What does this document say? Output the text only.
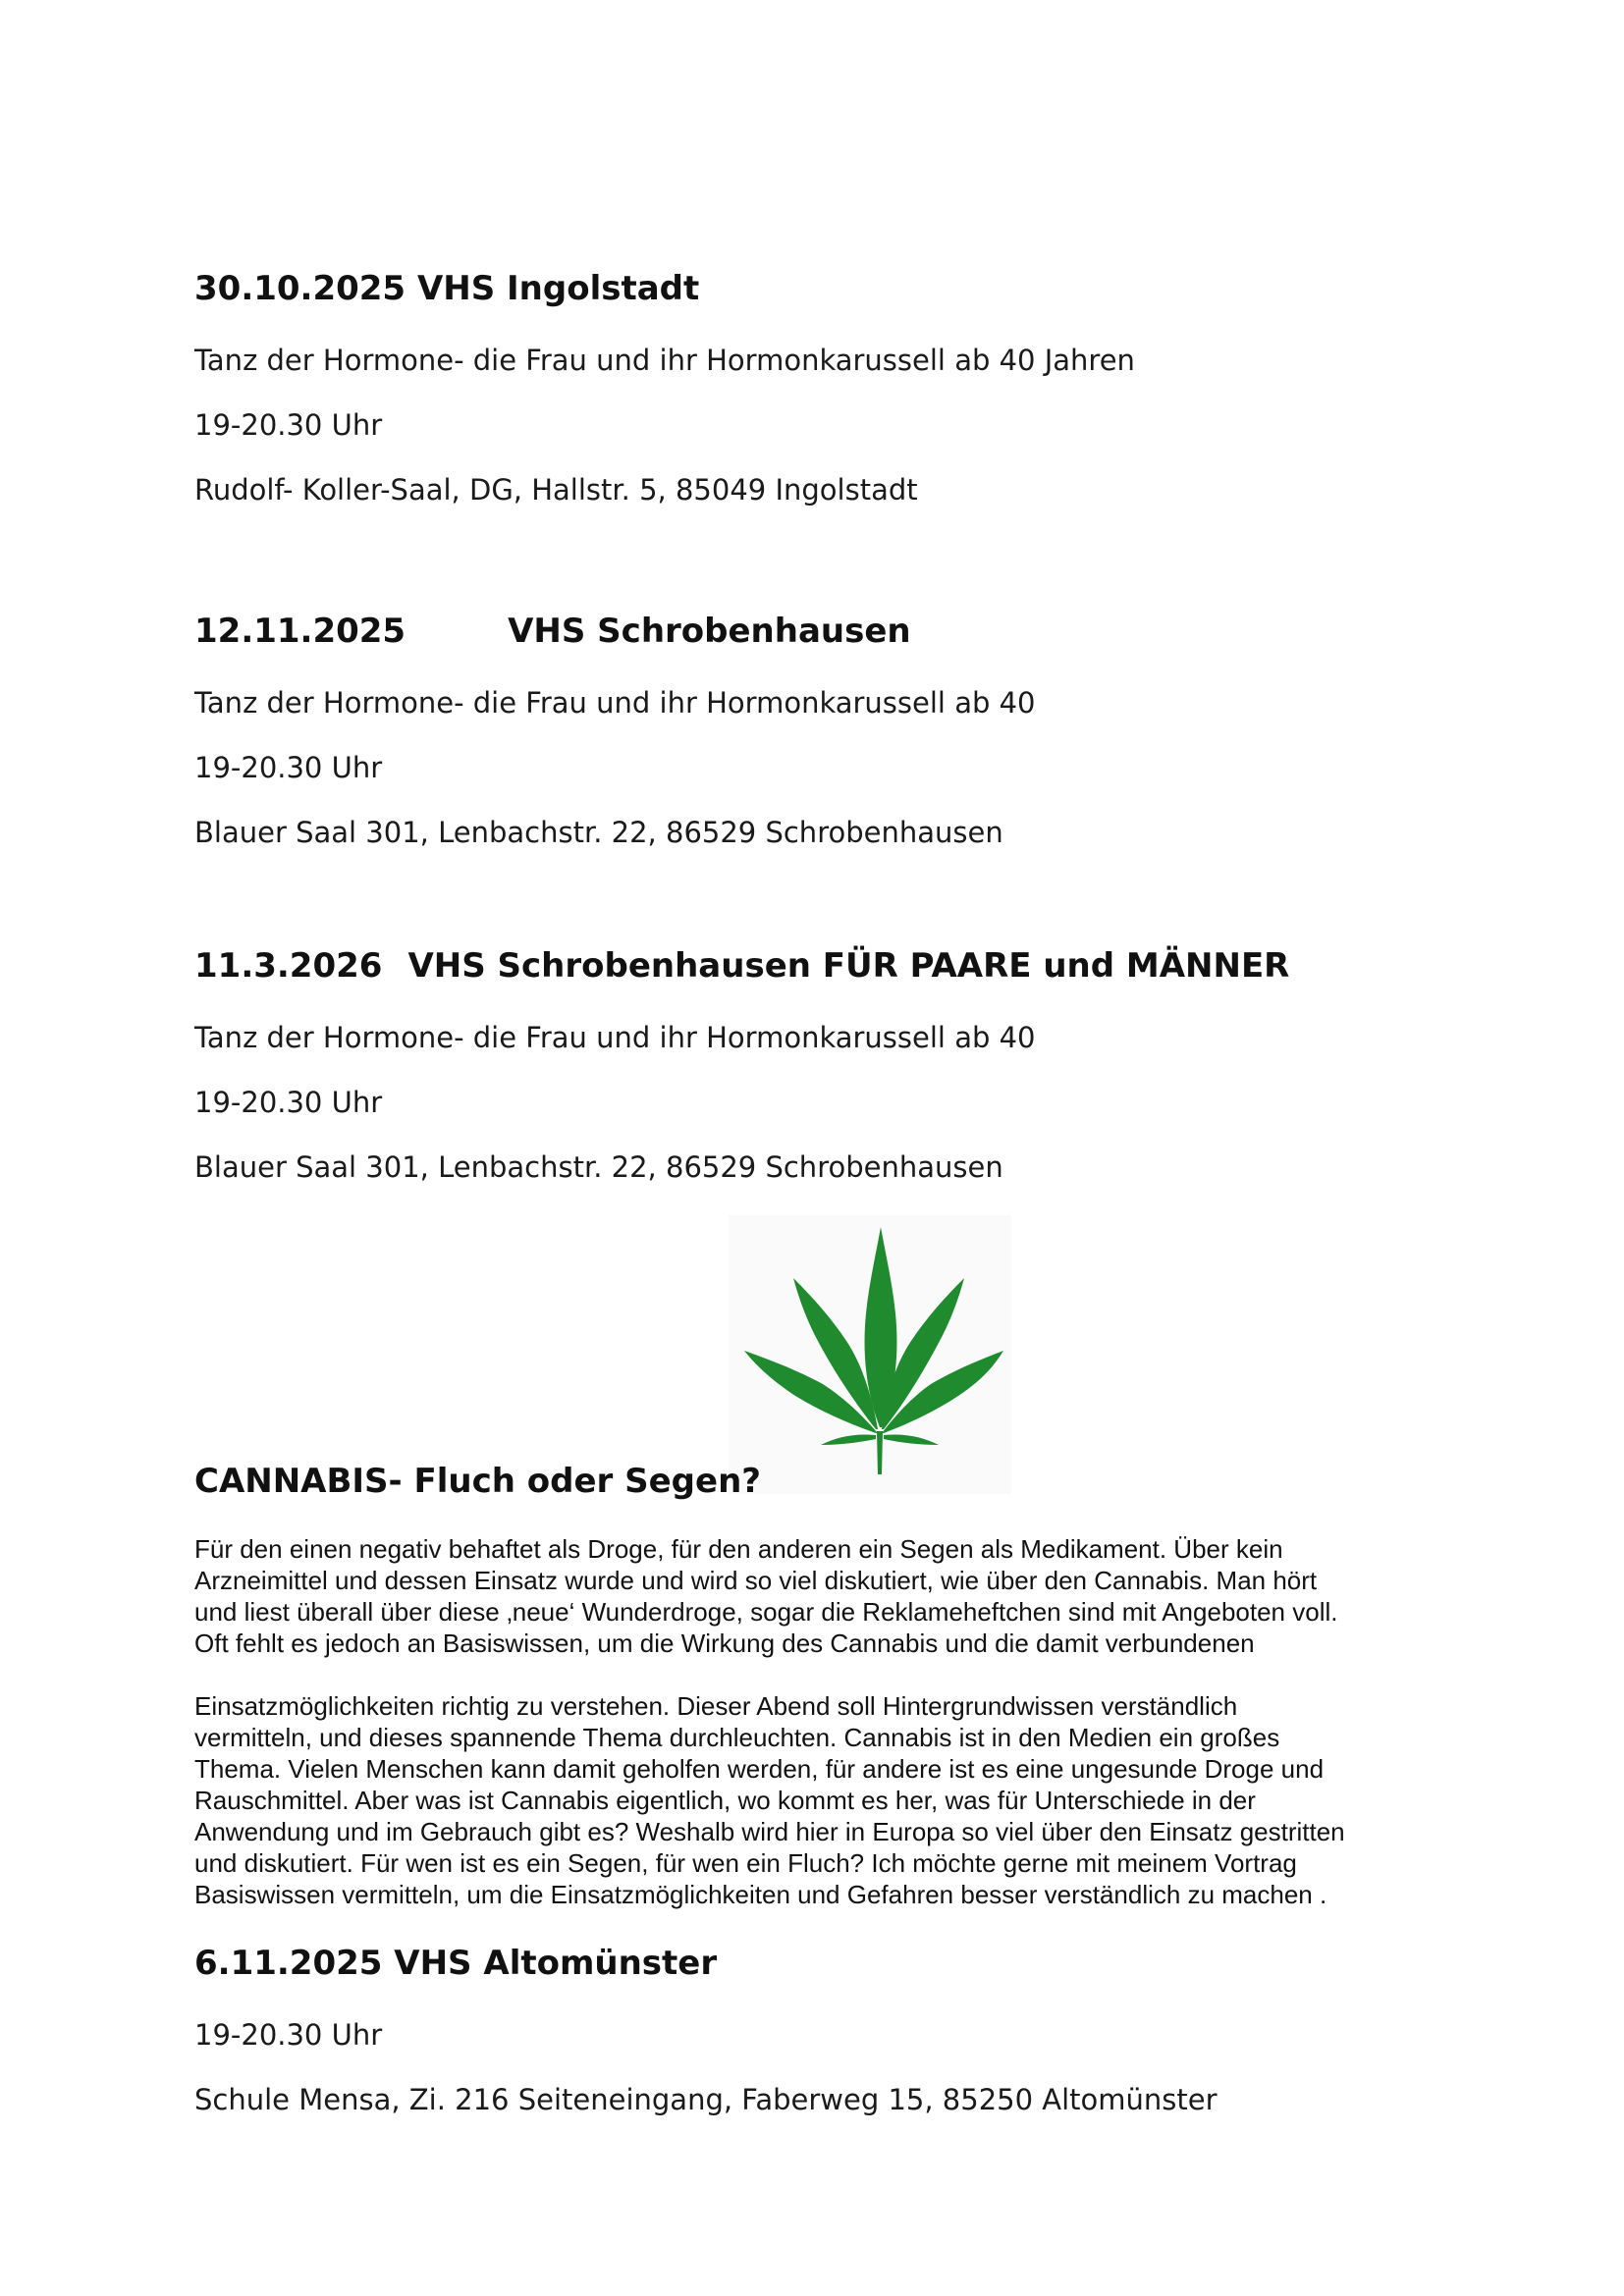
30.10.2025 VHS Ingolstadt
Tanz der Hormone- die Frau und ihr Hormonkarussell ab 40 Jahren
19-20.30 Uhr
Rudolf- Koller-Saal, DG, Hallstr. 5, 85049 Ingolstadt
12.11.2025	VHS Schrobenhausen
Tanz der Hormone- die Frau und ihr Hormonkarussell ab 40
19-20.30 Uhr
Blauer Saal 301, Lenbachstr. 22, 86529 Schrobenhausen
11.3.2026 VHS Schrobenhausen FÜR PAARE und MÄNNER
Tanz der Hormone- die Frau und ihr Hormonkarussell ab 40
19-20.30 Uhr
Blauer Saal 301, Lenbachstr. 22, 86529 Schrobenhausen
CANNABIS- Fluch oder Segen?

Für den einen negativ behaftet als Droge, für den anderen ein Segen als Medikament. Über kein

Arzneimittel und dessen Einsatz wurde und wird so viel diskutiert, wie über den Cannabis. Man hört

und liest überall über diese ‚neue‘ Wunderdroge, sogar die Reklameheftchen sind mit Angeboten voll.

Oft fehlt es jedoch an Basiswissen, um die Wirkung des Cannabis und die damit verbundenen

Einsatzmöglichkeiten richtig zu verstehen. Dieser Abend soll Hintergrundwissen verständlich

vermitteln, und dieses spannende Thema durchleuchten. Cannabis ist in den Medien ein großes

Thema. Vielen Menschen kann damit geholfen werden, für andere ist es eine ungesunde Droge und

Rauschmittel. Aber was ist Cannabis eigentlich, wo kommt es her, was für Unterschiede in der

Anwendung und im Gebrauch gibt es? Weshalb wird hier in Europa so viel über den Einsatz gestritten

und diskutiert. Für wen ist es ein Segen, für wen ein Fluch? Ich möchte gerne mit meinem Vortrag

Basiswissen vermitteln, um die Einsatzmöglichkeiten und Gefahren besser verständlich zu machen .

6.11.2025 VHS Altomünster
19-20.30 Uhr
Schule Mensa, Zi. 216 Seiteneingang, Faberweg 15, 85250 Altomünster
